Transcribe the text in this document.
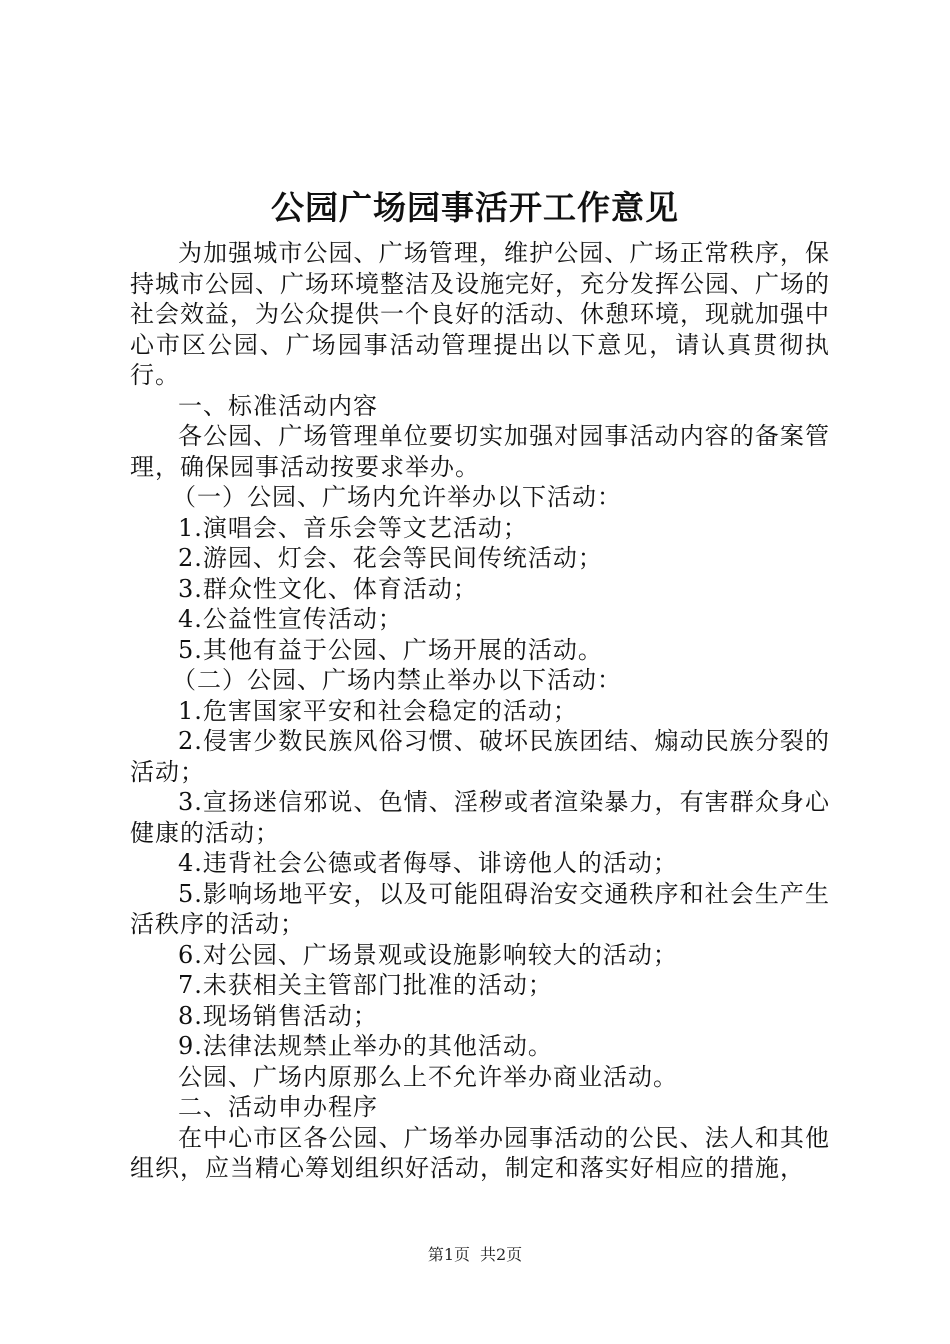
公园广场园事活开工作意见

为加强城市公园、广场管理，维护公园、广场正常秩序，保持城市公园、广场环境整洁及设施完好，充分发挥公园、广场的社会效益，为公众提供一个良好的活动、休憩环境，现就加强中心市区公园、广场园事活动管理提出以下意见，请认真贯彻执行。

一、标准活动内容

各公园、广场管理单位要切实加强对园事活动内容的备案管理，确保园事活动按要求举办。

（一）公园、广场内允许举办以下活动：

1.演唱会、音乐会等文艺活动；

2.游园、灯会、花会等民间传统活动；

3.群众性文化、体育活动；

4.公益性宣传活动；

5.其他有益于公园、广场开展的活动。

（二）公园、广场内禁止举办以下活动：

1.危害国家平安和社会稳定的活动；

2.侵害少数民族风俗习惯、破坏民族团结、煽动民族分裂的活动；

3.宣扬迷信邪说、色情、淫秽或者渲染暴力，有害群众身心健康的活动；

4.违背社会公德或者侮辱、诽谤他人的活动；

5.影响场地平安，以及可能阻碍治安交通秩序和社会生产生活秩序的活动；

6.对公园、广场景观或设施影响较大的活动；

7.未获相关主管部门批准的活动；

8.现场销售活动；

9.法律法规禁止举办的其他活动。

公园、广场内原那么上不允许举办商业活动。

二、活动申办程序

在中心市区各公园、广场举办园事活动的公民、法人和其他组织，应当精心筹划组织好活动，制定和落实好相应的措施，

第1页 共2页
